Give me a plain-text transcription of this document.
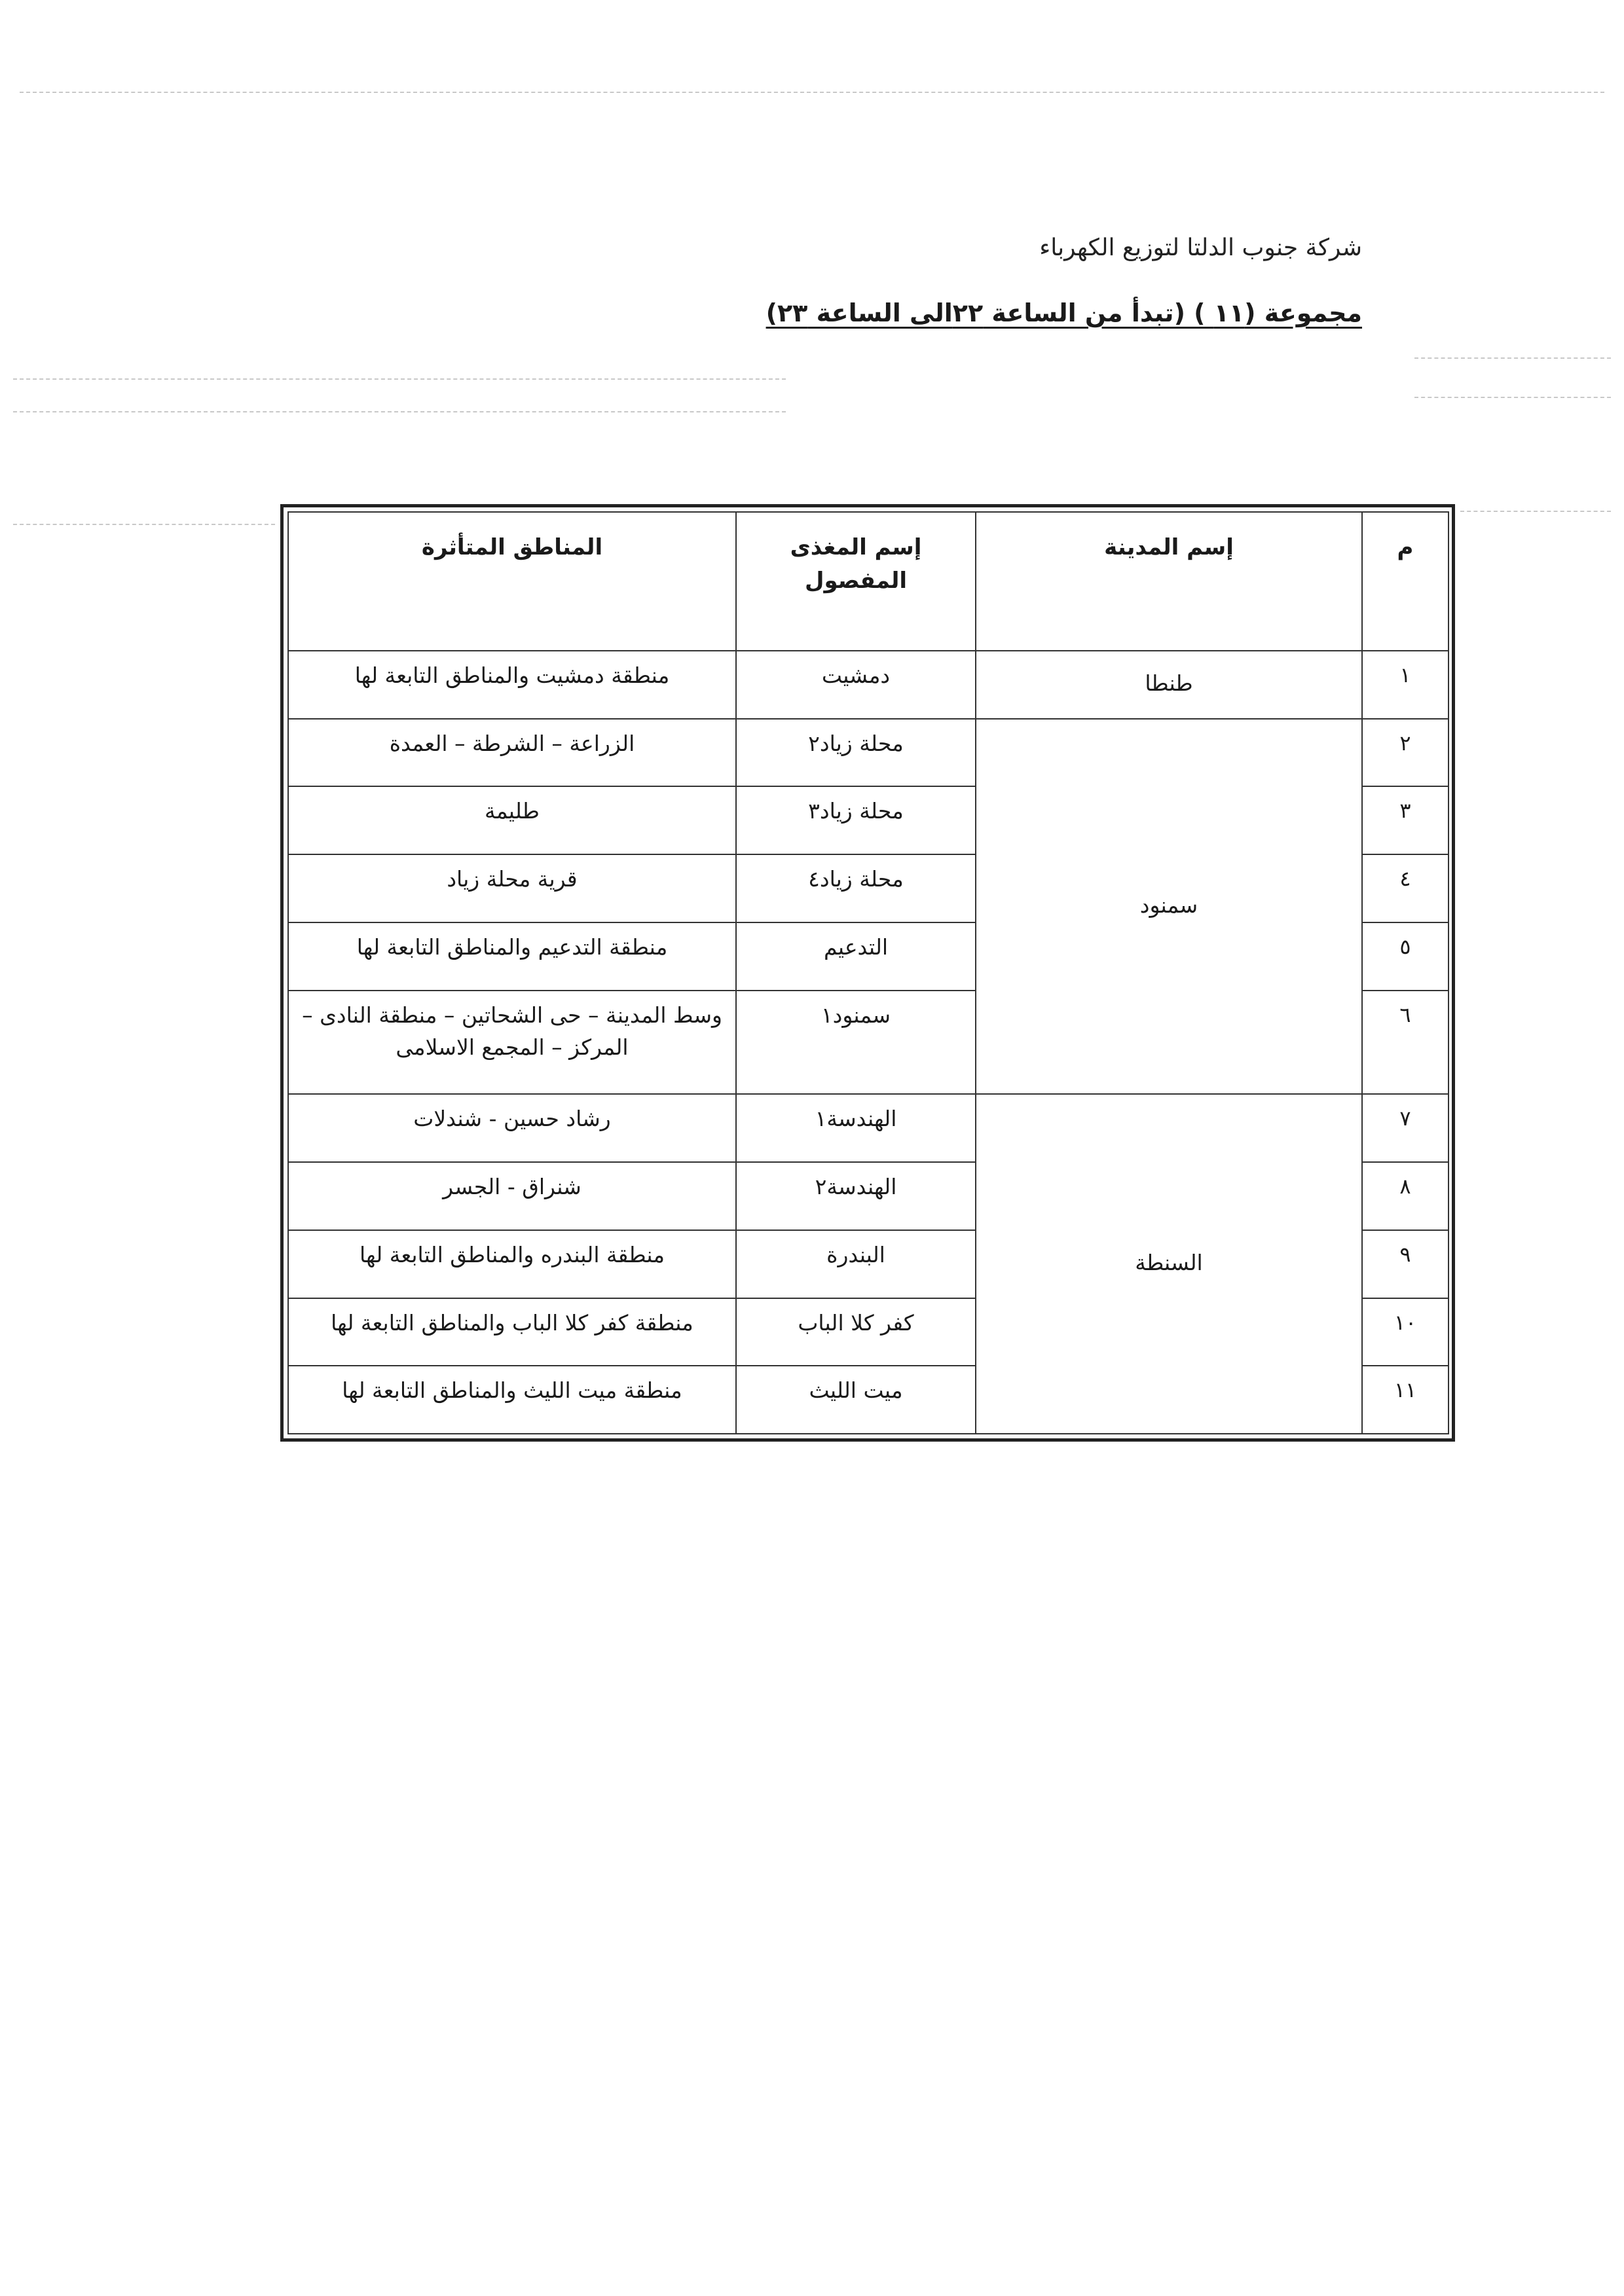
شركة جنوب الدلتا لتوزيع الكهرباء
مجموعة (١١ ) (تبدأ من الساعة ٢٢الى الساعة ٢٣)
م	إسم المدينة	إسم المغذى المفصول	المناطق المتأثرة
١	طنطا	دمشيت	منطقة دمشيت والمناطق التابعة لها
٢	سمنود	محلة زياد٢	الزراعة – الشرطة – العمدة
٣		محلة زياد٣	طليمة
٤		محلة زياد٤	قرية محلة زياد
٥		التدعيم	منطقة التدعيم والمناطق التابعة لها
٦		سمنود١	وسط المدينة – حى الشحاتين – منطقة النادى – المركز – المجمع الاسلامى
٧	السنطة	الهندسة١	رشاد حسين - شندلات
٨		الهندسة٢	شنراق - الجسر
٩		البندرة	منطقة البندره والمناطق التابعة لها
١٠		كفر كلا الباب	منطقة كفر كلا الباب والمناطق التابعة لها
١١		ميت الليث	منطقة ميت الليث والمناطق التابعة لها
